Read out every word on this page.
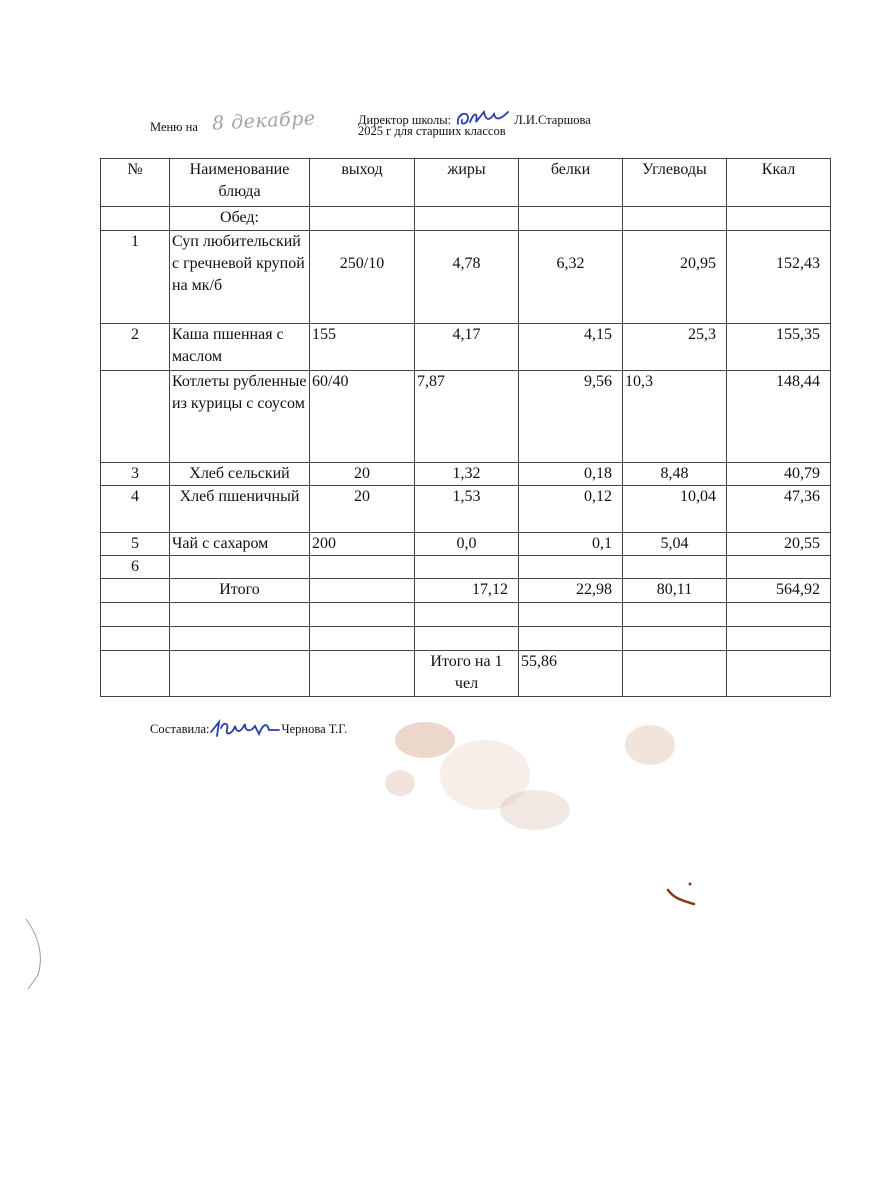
Директор школы:	Л.И.Старшова
2025 г для старших классов
Меню на 8 декабре
№	Наименование блюда	выход	жиры	белки	Углеводы	Ккал
	Обед:					
1	Суп любительский с гречневой крупой на мк/б	250/10	4,78	6,32	20,95	152,43
2	Каша пшенная с маслом	155	4,17	4,15	25,3	155,35
	Котлеты рубленные из курицы с соусом	60/40	7,87	9,56	10,3	148,44
3	Хлеб сельский	20	1,32	0,18	8,48	40,79
4	Хлеб пшеничный	20	1,53	0,12	10,04	47,36
5	Чай с сахаром	200	0,0	0,1	5,04	20,55
6						
	Итого		17,12	22,98	80,11	564,92

			Итого на 1 чел	55,86		
Составила:	Чернова Т.Г.
